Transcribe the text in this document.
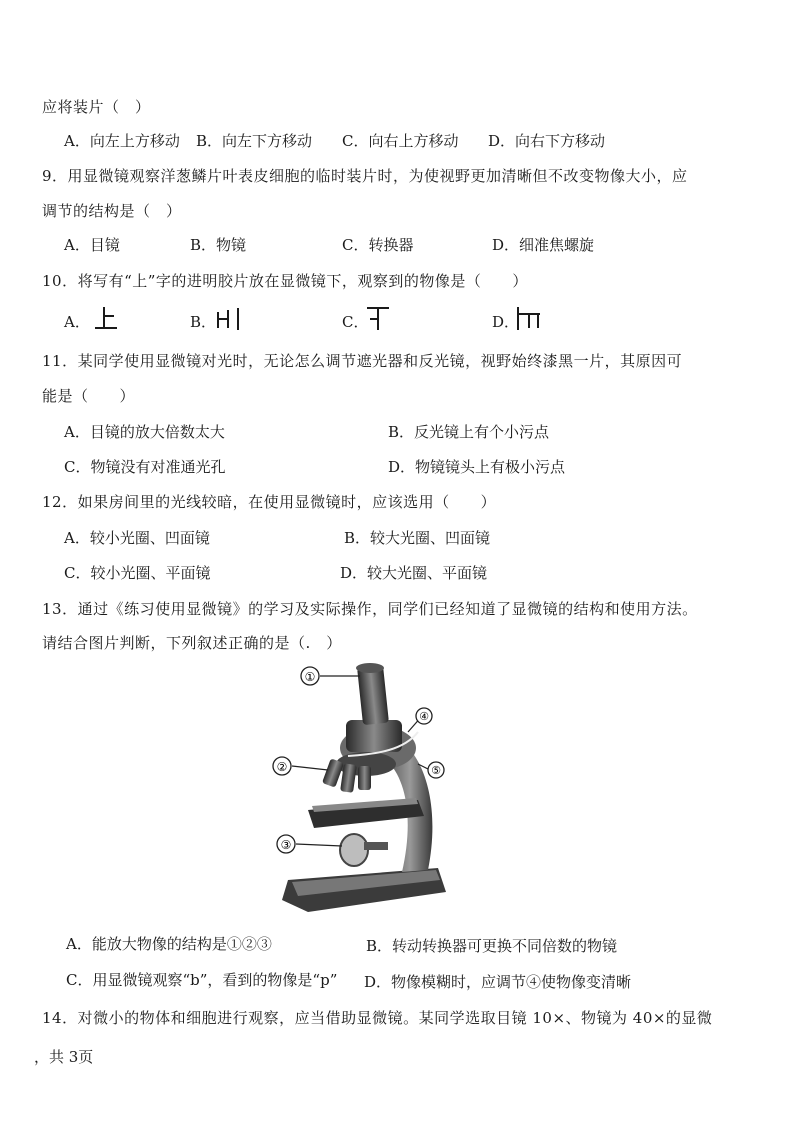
应将装片（　）
A．向左上方移动 B．向左下方移动 C．向右上方移动 D．向右下方移动
9．用显微镜观察洋葱鳞片叶表皮细胞的临时装片时，为使视野更加清晰但不改变物像大小，应
调节的结构是（　）
A．目镜	B．物镜	C．转换器	D．细准焦螺旋
10．将写有“上”字的进明胶片放在显微镜下，观察到的物像是（　　）
A．	B．	C．	D．
11．某同学使用显微镜对光时，无论怎么调节遮光器和反光镜，视野始终漆黑一片，其原因可
能是（　　）
A．目镜的放大倍数太大	B．反光镜上有个小污点
C．物镜没有对准通光孔	D．物镜镜头上有极小污点
12．如果房间里的光线较暗，在使用显微镜时，应该选用（　　）
A．较小光圈、凹面镜	B．较大光圈、凹面镜
C．较小光圈、平面镜	D．较大光圈、平面镜
13．通过《练习使用显微镜》的学习及实际操作，同学们已经知道了显微镜的结构和使用方法。
请结合图片判断，下列叙述正确的是（.　）
①
②
③
④
⑤
A．能放大物像的结构是①②③	B．转动转换器可更换不同倍数的物镜
C．用显微镜观察“b”，看到的物像是“p” D．物像模糊时，应调节④使物像变清晰
14．对微小的物体和细胞进行观察，应当借助显微镜。某同学选取目镜 10×、物镜为 40×的显微
，共 3页
